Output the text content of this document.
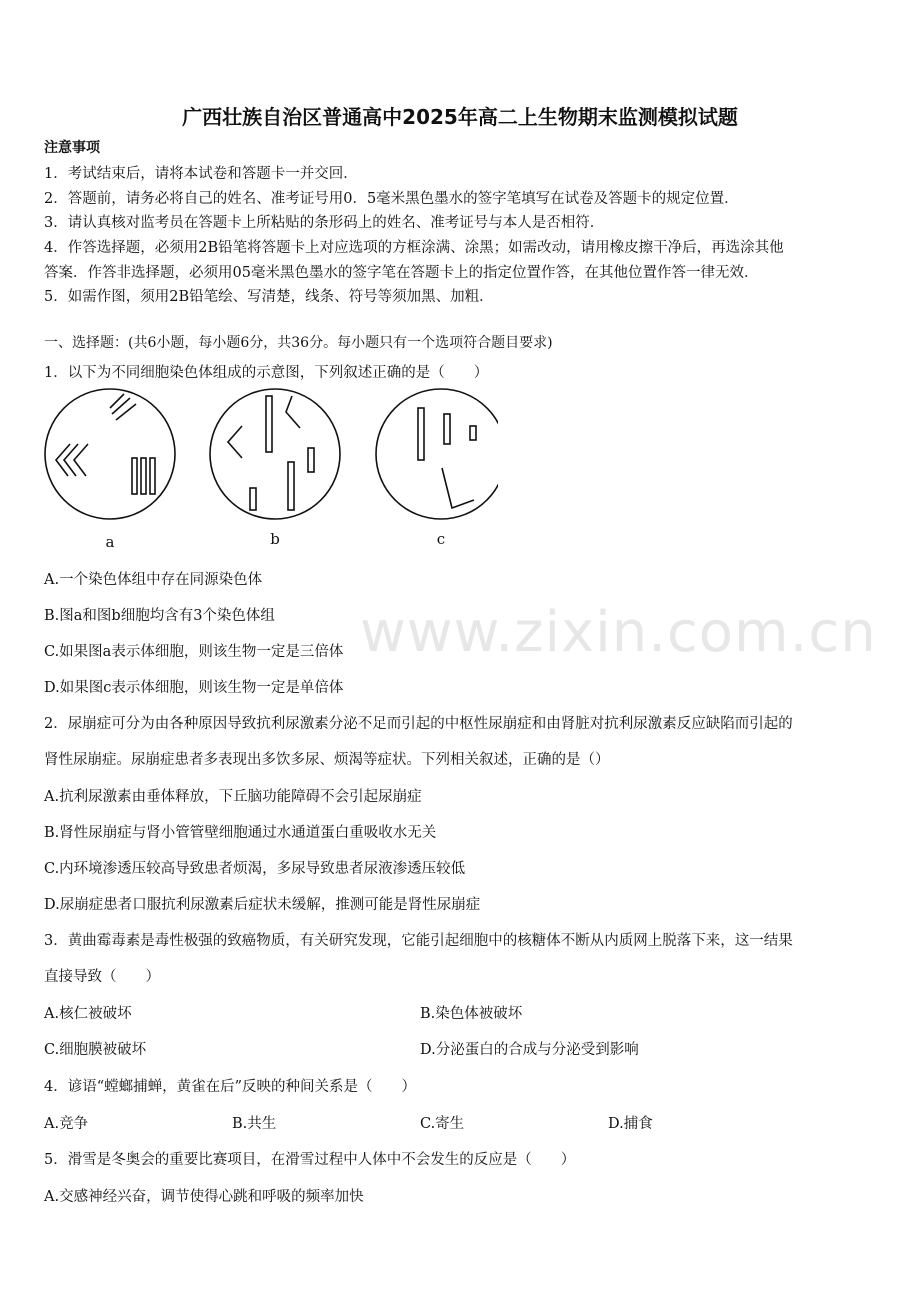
广西壮族自治区普通高中2025年高二上生物期末监测模拟试题
注意事项
1．考试结束后，请将本试卷和答题卡一并交回．
2．答题前，请务必将自己的姓名、准考证号用0．5毫米黑色墨水的签字笔填写在试卷及答题卡的规定位置．
3．请认真核对监考员在答题卡上所粘贴的条形码上的姓名、准考证号与本人是否相符．
4．作答选择题，必须用2B铅笔将答题卡上对应选项的方框涂满、涂黑；如需改动，请用橡皮擦干净后，再选涂其他
答案．作答非选择题，必须用05毫米黑色墨水的签字笔在答题卡上的指定位置作答，在其他位置作答一律无效．
5．如需作图，须用2B铅笔绘、写清楚，线条、符号等须加黑、加粗．
一、选择题：(共6小题，每小题6分，共36分。每小题只有一个选项符合题目要求)
1．以下为不同细胞染色体组成的示意图，下列叙述正确的是（　　）
a	b	c
A.一个染色体组中存在同源染色体
B.图a和图b细胞均含有3个染色体组
C.如果图a表示体细胞，则该生物一定是三倍体
D.如果图c表示体细胞，则该生物一定是单倍体
2．尿崩症可分为由各种原因导致抗利尿激素分泌不足而引起的中枢性尿崩症和由肾脏对抗利尿激素反应缺陷而引起的
肾性尿崩症。尿崩症患者多表现出多饮多尿、烦渴等症状。下列相关叙述，正确的是（）
A.抗利尿激素由垂体释放，下丘脑功能障碍不会引起尿崩症
B.肾性尿崩症与肾小管管壁细胞通过水通道蛋白重吸收水无关
C.内环境渗透压较高导致患者烦渴，多尿导致患者尿液渗透压较低
D.尿崩症患者口服抗利尿激素后症状未缓解，推测可能是肾性尿崩症
3．黄曲霉毒素是毒性极强的致癌物质，有关研究发现，它能引起细胞中的核糖体不断从内质网上脱落下来，这一结果
直接导致（　　）
A.核仁被破坏	B.染色体被破坏
C.细胞膜被破坏	D.分泌蛋白的合成与分泌受到影响
4．谚语“螳螂捕蝉，黄雀在后”反映的种间关系是（　　）
A.竞争	B.共生	C.寄生	D.捕食
5．滑雪是冬奥会的重要比赛项目，在滑雪过程中人体中不会发生的反应是（　　）
A.交感神经兴奋，调节使得心跳和呼吸的频率加快
www.zixin.com.cn
